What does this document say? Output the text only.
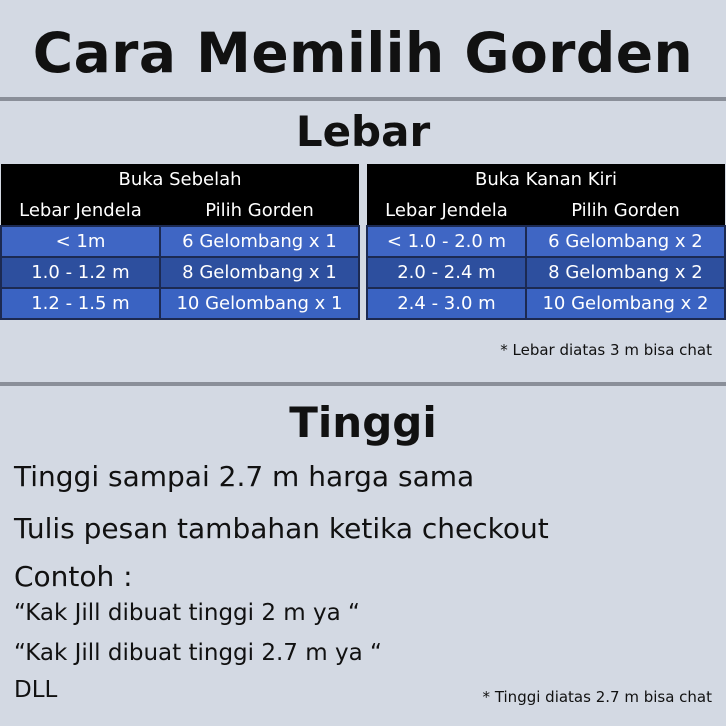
Cara Memilih Gorden
Lebar
Buka Sebelah	
Lebar Jendela	Pilih Gorden
< 1m	6 Gelombang x 1
1.0 - 1.2 m	8 Gelombang x 1
1.2 - 1.5 m	10 Gelombang x 1
Buka Kanan Kiri	
Lebar Jendela	Pilih Gorden
< 1.0 - 2.0 m	6 Gelombang x 2
2.0 - 2.4 m	8 Gelombang x 2
2.4 - 3.0 m	10 Gelombang x 2
* Lebar diatas 3 m bisa chat
Tinggi
Tinggi sampai 2.7 m harga sama
Tulis pesan tambahan ketika checkout
Contoh :
“Kak Jill dibuat tinggi 2 m ya “
“Kak Jill dibuat tinggi 2.7 m ya “
DLL	* Tinggi diatas 2.7 m bisa chat
